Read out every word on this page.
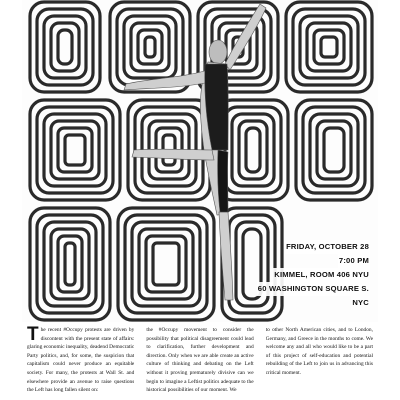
FRIDAY, OCTOBER 28
7:00 PM
KIMMEL, ROOM 406 NYU
60 WASHINGTON SQUARE S.
NYC
The recent #Occupy protests are driven by discontent with the present state of affairs: glaring economic inequality, deadend Democratic Party politics, and, for some, the suspicion that capitalism could never produce an equitable society. For many, the protests at Wall St. and elsewhere provide an avenue to raise questions the Left has long fallen silent on:
the #Occupy movement to consider the possibility that political disagreement could lead to clarification, further development and direction. Only when we are able create an active culture of thinking and debating on the Left without it proving prematurely divisive can we begin to imagine a Leftist politics adequate to the historical possibilities of our moment. We
to other North American cities, and to London, Germany, and Greece in the months to come. We welcome any and all who would like to be a part of this project of self-education and potential rebuilding of the Left to join us in advancing this critical moment.
